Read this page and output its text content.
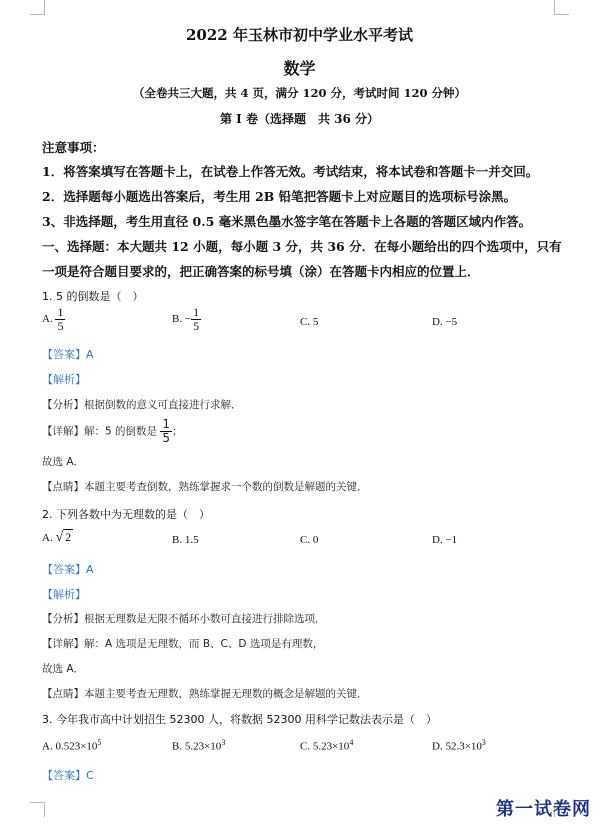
2022 年玉林市初中学业水平考试
数学
（全卷共三大题，共 4 页，满分 120 分，考试时间 120 分钟）
第 I 卷（选择题　共 36 分）
注意事项：
1．将答案填写在答题卡上，在试卷上作答无效。考试结束，将本试卷和答题卡一并交回。
2．选择题每小题选出答案后，考生用 2B 铅笔把答题卡上对应题目的选项标号涂黑。
3、非选择题，考生用直径 0.5 毫米黑色墨水签字笔在答题卡上各题的答题区域内作答。
一、选择题：本大题共 12 小题，每小题 3 分，共 36 分．在每小题给出的四个选项中，只有
一项是符合题目要求的，把正确答案的标号填（涂）在答题卡内相应的位置上．
1. 5 的倒数是（　）
A. $\frac{1}{5}$	B. − $\frac{1}{5}$	C. 5	D. −5
【答案】A
【解析】
【分析】根据倒数的意义可直接进行求解．
【详解】解：5 的倒数是 $\frac{1}{5}$ ；
故选 A．
【点睛】本题主要考查倒数，熟练掌握求一个数的倒数是解题的关键．
2. 下列各数中为无理数的是（　）
A. √ 2	B. 1.5	C. 0	D. −1
【答案】A
【解析】
【分析】根据无理数是无限不循环小数可直接进行排除选项．
【详解】解：A 选项是无理数，而 B、C、D 选项是有理数，
故选 A．
【点睛】本题主要考查无理数，熟练掌握无理数的概念是解题的关键．
3. 今年我市高中计划招生 52300 人，将数据 52300 用科学记数法表示是（　）
A. $0.523\times 10^5$	B. $5.23\times 10^3$	C. $5.23\times 10^4$	D. $52.3\times 10^3$
【答案】C
第一试卷网
